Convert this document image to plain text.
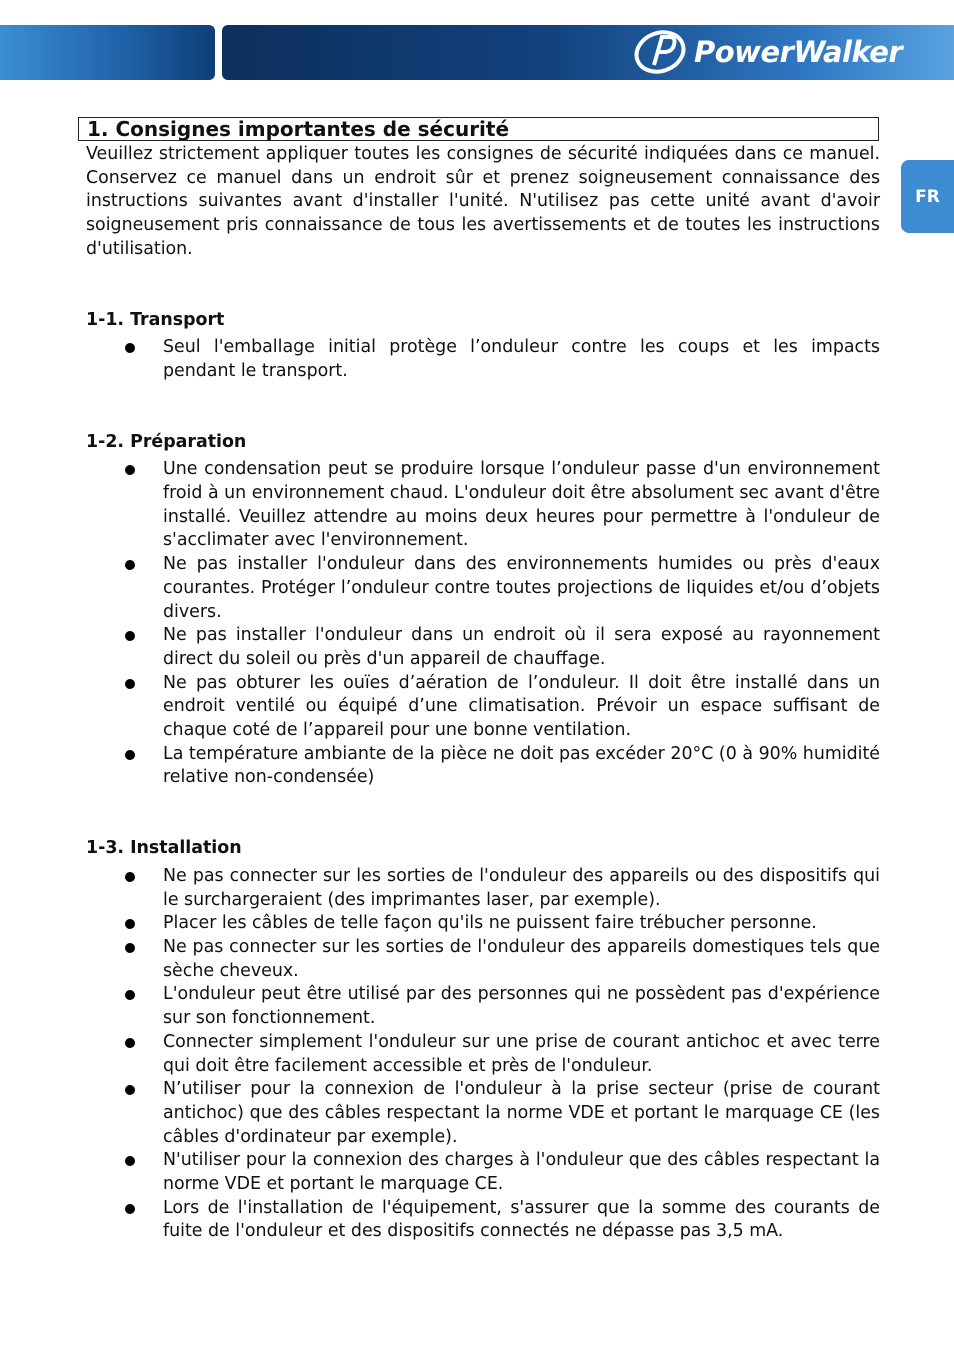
PowerWalker
FR
1. Consignes importantes de sécurité

Veuillez strictement appliquer toutes les consignes de sécurité indiquées dans ce manuel. Conservez ce manuel dans un endroit sûr et prenez soigneusement connaissance des instructions suivantes avant d'installer l'unité. N'utilisez pas cette unité avant d'avoir soigneusement pris connaissance de tous les avertissements et de toutes les instructions d'utilisation.

1-1. Transport
Seul l'emballage initial protège l’onduleur contre les coups et les impacts pendant le transport.
1-2. Préparation
Une condensation peut se produire lorsque l’onduleur passe d'un environnement froid à un environnement chaud. L'onduleur doit être absolument sec avant d'être installé. Veuillez attendre au moins deux heures pour permettre à l'onduleur de s'acclimater avec l'environnement.
Ne pas installer l'onduleur dans des environnements humides ou près d'eaux courantes. Protéger l’onduleur contre toutes projections de liquides et/ou d’objets divers.
Ne pas installer l'onduleur dans un endroit où il sera exposé au rayonnement direct du soleil ou près d'un appareil de chauffage.
Ne pas obturer les ouïes d’aération de l’onduleur. Il doit être installé dans un endroit ventilé ou équipé d’une climatisation. Prévoir un espace suffisant de chaque coté de l’appareil pour une bonne ventilation.
La température ambiante de la pièce ne doit pas excéder 20°C (0 à 90% humidité relative non-condensée)
1-3. Installation
Ne pas connecter sur les sorties de l'onduleur des appareils ou des dispositifs qui le surchargeraient (des imprimantes laser, par exemple).
Placer les câbles de telle façon qu'ils ne puissent faire trébucher personne.
Ne pas connecter sur les sorties de l'onduleur des appareils domestiques tels que sèche cheveux.
L'onduleur peut être utilisé par des personnes qui ne possèdent pas d'expérience sur son fonctionnement.
Connecter simplement l'onduleur sur une prise de courant antichoc et avec terre qui doit être facilement accessible et près de l'onduleur.
N’utiliser pour la connexion de l'onduleur à la prise secteur (prise de courant antichoc) que des câbles respectant la norme VDE et portant le marquage CE (les câbles d'ordinateur par exemple).
N'utiliser pour la connexion des charges à l'onduleur que des câbles respectant la norme VDE et portant le marquage CE.
Lors de l'installation de l'équipement, s'assurer que la somme des courants de fuite de l'onduleur et des dispositifs connectés ne dépasse pas 3,5 mA.
